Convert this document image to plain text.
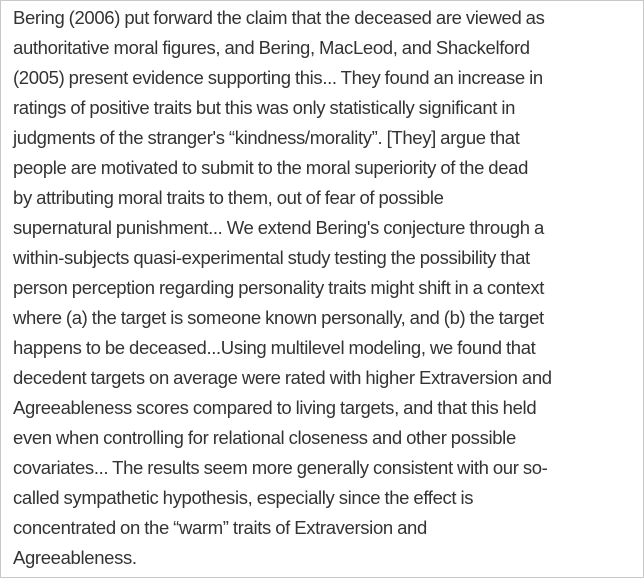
Bering (2006) put forward the claim that the deceased are viewed as
authoritative moral figures, and Bering, MacLeod, and Shackelford
(2005) present evidence supporting this... They found an increase in
ratings of positive traits but this was only statistically significant in
judgments of the stranger's “kindness/morality”. [They] argue that
people are motivated to submit to the moral superiority of the dead
by attributing moral traits to them, out of fear of possible
supernatural punishment... We extend Bering's conjecture through a
within-subjects quasi-experimental study testing the possibility that
person perception regarding personality traits might shift in a context
where (a) the target is someone known personally, and (b) the target
happens to be deceased...Using multilevel modeling, we found that
decedent targets on average were rated with higher Extraversion and
Agreeableness scores compared to living targets, and that this held
even when controlling for relational closeness and other possible
covariates... The results seem more generally consistent with our so-
called sympathetic hypothesis, especially since the effect is
concentrated on the “warm” traits of Extraversion and
Agreeableness.
